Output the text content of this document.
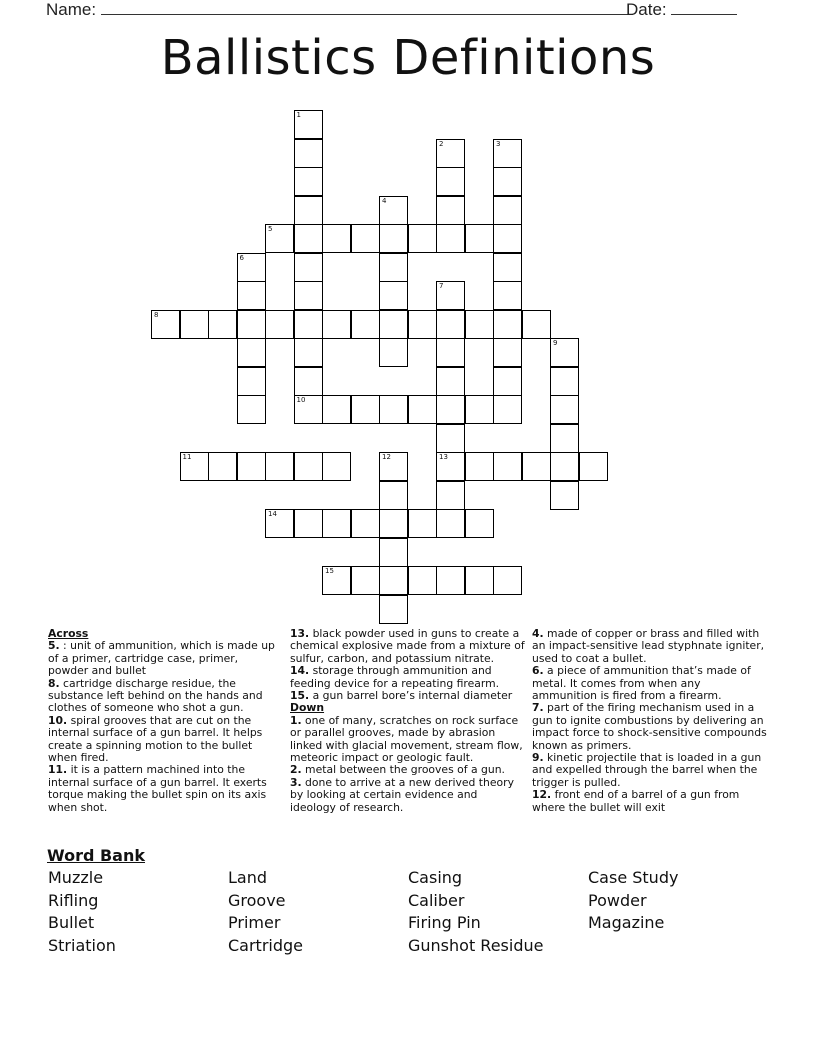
Name:	Date:
Ballistics Definitions
1
2	3
4
5
6
7
13
8
9
10
11	12
14
15

Across

5. : unit of ammunition, which is made up of a primer, cartridge case, primer, powder and bullet

8. cartridge discharge residue, the substance left behind on the hands and clothes of someone who shot a gun.

10. spiral grooves that are cut on the internal surface of a gun barrel. It helps create a spinning motion to the bullet when fired.

11. it is a pattern machined into the internal surface of a gun barrel. It exerts torque making the bullet spin on its axis when shot.

13. black powder used in guns to create a chemical explosive made from a mixture of sulfur, carbon, and potassium nitrate.

14. storage through ammunition and feeding device for a repeating firearm.

15. a gun barrel bore’s internal diameter

Down

1. one of many, scratches on rock surface or parallel grooves, made by abrasion linked with glacial movement, stream flow, meteoric impact or geologic fault.

2. metal between the grooves of a gun.

3. done to arrive at a new derived theory by looking at certain evidence and ideology of research.

4. made of copper or brass and filled with an impact-sensitive lead styphnate igniter, used to coat a bullet.

6. a piece of ammunition that’s made of metal. It comes from when any ammunition is fired from a firearm.

7. part of the firing mechanism used in a gun to ignite combustions by delivering an impact force to shock-sensitive compounds known as primers.

9. kinetic projectile that is loaded in a gun and expelled through the barrel when the trigger is pulled.

12. front end of a barrel of a gun from where the bullet will exit

Word Bank
Muzzle	Land	Casing	Case Study
Rifling	Groove	Caliber	Powder
Bullet	Primer	Firing Pin	Magazine
Striation	Cartridge	Gunshot Residue
